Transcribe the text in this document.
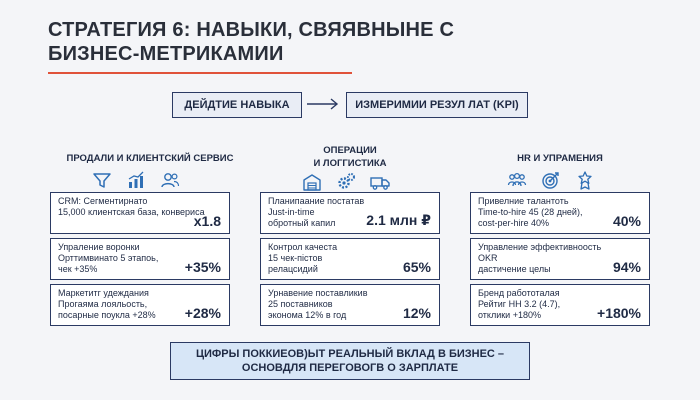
СТРАТЕГИЯ 6: НАВЫКИ, СВЯЯВНЫНЕ С
БИЗНЕС-МЕТРИКАМИИ
ДЕЙДТИЕ НАВЫКА	ИЗМЕРИМИИ РЕЗУЛ ЛАТ (KPI)
ПРОДАЛИ И КЛИЕНТСКИЙ СЕРВИС
CRM: Сегментирнато
15,000 клиентская база, конвериса
x1.8
Упраление воронки
Орттимвинато 5 этапоь,
чек +35%	+35%
Маркетитг удеждания
Прогаяма лояльость,
посарные поукла +28%	+28%
ОПЕРАЦИИ
И ЛОГГИСТИКА
Планипаание постатав
Just-in-time
обротный капил	2.1 млн ₽
Контрол качеста
15 чек-пістов
релацсидий	65%
Урнавение поставликив
25 поставников
эконома 12% в год	12%
HR И УПРАМЕНИЯ
Привелние талантоть
Time-to-hire 45 (28 дней),
cost-per-hire 40%	40%
Управление эффективноость
OKR
дастичение целы	94%
Бренд работоталая
Рейтиг НН 3.2 (4.7),
отклики +180%	+180%
ЦИФРЫ ПОККИЕОВ)ЫТ РЕАЛЬНЫЙ ВКЛАД В БИЗНЕС –
ОСНОВДЛЯ ПЕРЕГОВОГВ О ЗАРПЛАТЕ
